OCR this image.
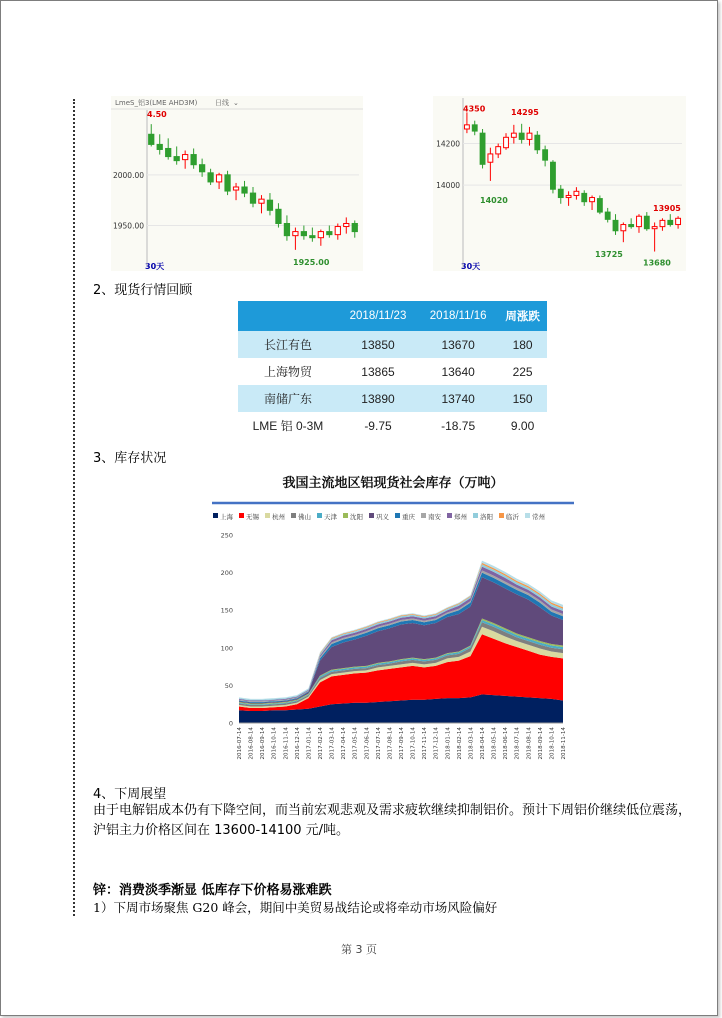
LmeS_铝3(LME AHD3M)	日线 ⌄
30天
2000.00
1950.00
4.50
1925.00	30天
14200
14000
4350	14295
14020
13905
13725
13680
2、现货行情回顾
	2018/11/23	2018/11/16	周涨跌
长江有色	13850	13670	180
上海物贸	13865	13640	225
南储广东	13890	13740	150
LME 铝 0-3M	-9.75	-18.75	9.00
3、库存状况
我国主流地区铝现货社会库存（万吨）
上海 无锡 杭州 佛山 天津 沈阳 巩义 重庆 南安 郑州 洛阳 临沂 常州
0
50
100
150
200
250
2016-07-14 2016-08-14 2016-09-14 2016-10-14 2016-11-14 2016-12-14 2017-01-14 2017-02-14 2017-03-14 2017-04-14 2017-05-14 2017-06-14 2017-07-14 2017-08-14 2017-09-14 2017-10-14 2017-11-14 2017-12-14 2018-01-14 2018-02-14 2018-03-14 2018-04-14 2018-05-14 2018-06-14 2018-07-14 2018-08-14 2018-09-14 2018-10-14 2018-11-14
4、下周展望
由于电解铝成本仍有下降空间，而当前宏观悲观及需求疲软继续抑制铝价。预计下周铝价继续低位震荡，沪铝主力价格区间在 13600-14100 元/吨。
锌：消费淡季渐显 低库存下价格易涨难跌
1）下周市场聚焦 G20 峰会，期间中美贸易战结论或将牵动市场风险偏好
第 3 页
